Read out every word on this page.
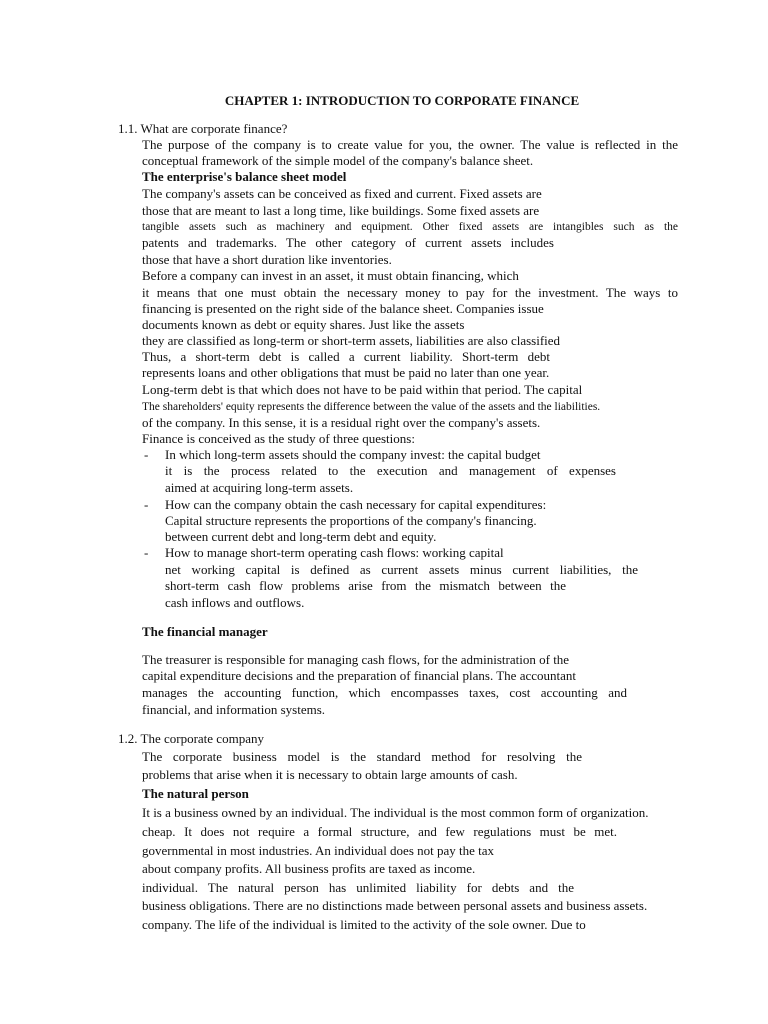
CHAPTER 1: INTRODUCTION TO CORPORATE FINANCE
1.1. What are corporate finance?
The purpose of the company is to create value for you, the owner. The value is reflected in the
conceptual framework of the simple model of the company's balance sheet.
The enterprise's balance sheet model
The company's assets can be conceived as fixed and current. Fixed assets are
those that are meant to last a long time, like buildings. Some fixed assets are
tangible assets such as machinery and equipment. Other fixed assets are intangibles such as the
patents and trademarks. The other category of current assets includes
those that have a short duration like inventories.
Before a company can invest in an asset, it must obtain financing, which
it means that one must obtain the necessary money to pay for the investment. The ways to
financing is presented on the right side of the balance sheet. Companies issue
documents known as debt or equity shares. Just like the assets
they are classified as long-term or short-term assets, liabilities are also classified
Thus, a short-term debt is called a current liability. Short-term debt
represents loans and other obligations that must be paid no later than one year.
Long-term debt is that which does not have to be paid within that period. The capital
The shareholders' equity represents the difference between the value of the assets and the liabilities.
of the company. In this sense, it is a residual right over the company's assets.
Finance is conceived as the study of three questions:
- In which long-term assets should the company invest: the capital budget
it is the process related to the execution and management of expenses
aimed at acquiring long-term assets.
- How can the company obtain the cash necessary for capital expenditures:
Capital structure represents the proportions of the company's financing.
between current debt and long-term debt and equity.
- How to manage short-term operating cash flows: working capital
net working capital is defined as current assets minus current liabilities, the
short-term cash flow problems arise from the mismatch between the
cash inflows and outflows.
The financial manager
The treasurer is responsible for managing cash flows, for the administration of the
capital expenditure decisions and the preparation of financial plans. The accountant
manages the accounting function, which encompasses taxes, cost accounting and
financial, and information systems.
1.2. The corporate company
The corporate business model is the standard method for resolving the
problems that arise when it is necessary to obtain large amounts of cash.
The natural person
It is a business owned by an individual. The individual is the most common form of organization.
cheap. It does not require a formal structure, and few regulations must be met.
governmental in most industries. An individual does not pay the tax
about company profits. All business profits are taxed as income.
individual. The natural person has unlimited liability for debts and the
business obligations. There are no distinctions made between personal assets and business assets.
company. The life of the individual is limited to the activity of the sole owner. Due to
